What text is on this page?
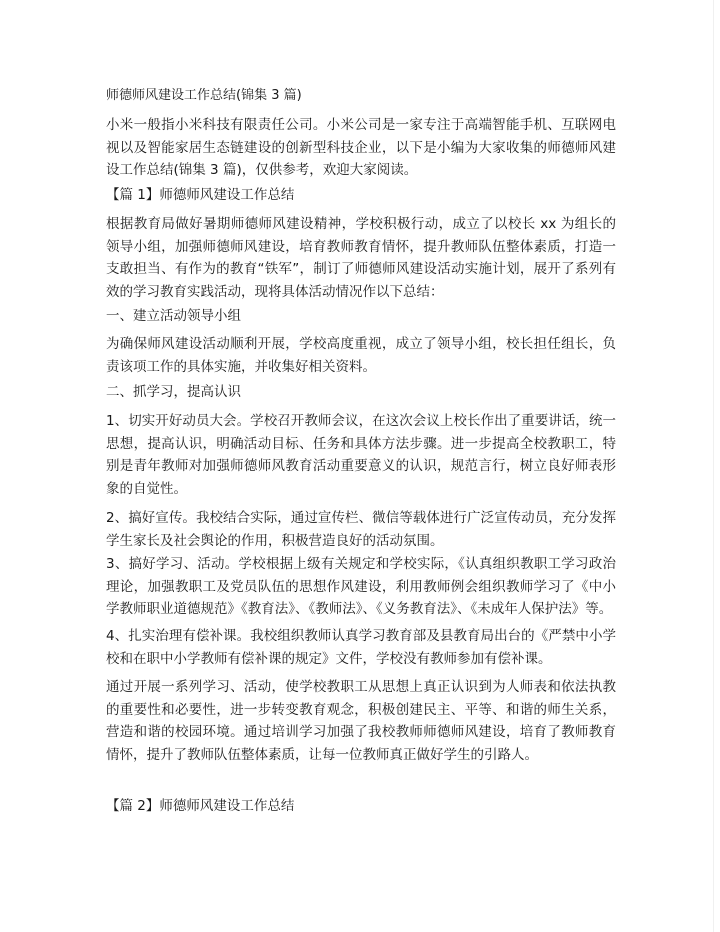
师德师风建设工作总结(锦集 3 篇)

小米一般指小米科技有限责任公司。小米公司是一家专注于高端智能手机、互联网电视以及智能家居生态链建设的创新型科技企业，以下是小编为大家收集的师德师风建设工作总结(锦集 3 篇)，仅供参考，欢迎大家阅读。

【篇 1】师德师风建设工作总结

根据教育局做好暑期师德师风建设精神，学校积极行动，成立了以校长 xx 为组长的领导小组，加强师德师风建设，培育教师教育情怀，提升教师队伍整体素质，打造一支敢担当、有作为的教育“铁军”，制订了师德师风建设活动实施计划，展开了系列有效的学习教育实践活动，现将具体活动情况作以下总结：

一、建立活动领导小组

为确保师风建设活动顺利开展，学校高度重视，成立了领导小组，校长担任组长，负责该项工作的具体实施，并收集好相关资料。

二、抓学习，提高认识

1、切实开好动员大会。学校召开教师会议，在这次会议上校长作出了重要讲话，统一思想，提高认识，明确活动目标、任务和具体方法步骤。进一步提高全校教职工，特别是青年教师对加强师德师风教育活动重要意义的认识，规范言行，树立良好师表形象的自觉性。

2、搞好宣传。我校结合实际，通过宣传栏、微信等载体进行广泛宣传动员，充分发挥学生家长及社会舆论的作用，积极营造良好的活动氛围。

3、搞好学习、活动。学校根据上级有关规定和学校实际，《认真组织教职工学习政治理论，加强教职工及党员队伍的思想作风建设，利用教师例会组织教师学习了《中小学教师职业道德规范》《教育法》、《教师法》、《义务教育法》、《未成年人保护法》等。

4、扎实治理有偿补课。我校组织教师认真学习教育部及县教育局出台的《严禁中小学校和在职中小学教师有偿补课的规定》文件，学校没有教师参加有偿补课。

通过开展一系列学习、活动，使学校教职工从思想上真正认识到为人师表和依法执教的重要性和必要性，进一步转变教育观念，积极创建民主、平等、和谐的师生关系，营造和谐的校园环境。通过培训学习加强了我校教师师德师风建设，培育了教师教育情怀，提升了教师队伍整体素质，让每一位教师真正做好学生的引路人。

【篇 2】师德师风建设工作总结
